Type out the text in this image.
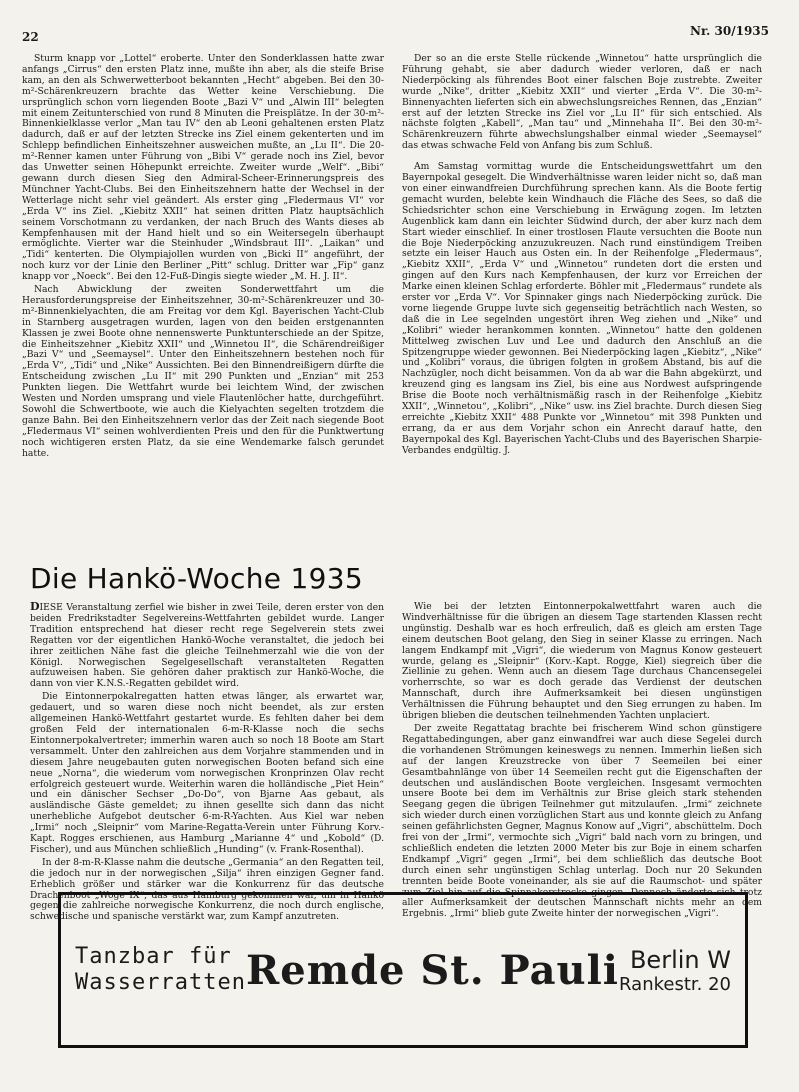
22	Nr. 30/1935

Sturm knapp vor „Lottel“ eroberte. Unter den Sonderklassen hatte zwar anfangs „Cirrus“ den ersten Platz inne, mußte ihn aber, als die steife Brise kam, an den als Schwerwetterboot bekannten „Hecht“ abgeben. Bei den 30-m²-Schärenkreuzern brachte das Wetter keine Verschiebung. Die ursprünglich schon vorn liegenden Boote „Bazi V“ und „Alwin III“ belegten mit einem Zeitunterschied von rund 8 Minuten die Preisplätze. In der 30-m²-Binnenkielklasse verlor „Man tau IV“ den ab Leoni gehaltenen ersten Platz dadurch, daß er auf der letzten Strecke ins Ziel einem gekenterten und im Schlepp befindlichen Einheitszehner ausweichen mußte, an „Lu II“. Die 20-m²-Renner kamen unter Führung von „Bibi V“ gerade noch ins Ziel, bevor das Unwetter seinen Höhepunkt erreichte. Zweiter wurde „Welf“. „Bibi“ gewann durch diesen Sieg den Admiral-Scheer-Erinnerungspreis des Münchner Yacht-Clubs. Bei den Einheitszehnern hatte der Wechsel in der Wetterlage nicht sehr viel geändert. Als erster ging „Fledermaus VI“ vor „Erda V“ ins Ziel. „Kiebitz XXII“ hat seinen dritten Platz hauptsächlich seinem Vorschotmann zu verdanken, der nach Bruch des Wants dieses ab Kempfenhausen mit der Hand hielt und so ein Weitersegeln überhaupt ermöglichte. Vierter war die Steinhuder „Windsbraut III“. „Laikan“ und „Tidi“ kenterten. Die Olympiajollen wurden von „Bicki II“ angeführt, der noch kurz vor der Linie den Berliner „Pitt“ schlug. Dritter war „Fip“ ganz knapp vor „Noeck“. Bei den 12-Fuß-Dingis siegte wieder „M. H. J. II“.

Nach Abwicklung der zweiten Sonderwettfahrt um die Herausforderungspreise der Einheitszehner, 30-m²-Schärenkreuzer und 30-m²-Binnenkielyachten, die am Freitag vor dem Kgl. Bayerischen Yacht-Club in Starnberg ausgetragen wurden, lagen von den beiden erstgenannten Klassen je zwei Boote ohne nennenswerte Punktunterschiede an der Spitze, die Einheitszehner „Kiebitz XXII“ und „Winnetou II“, die Schärendreißiger „Bazi V“ und „Seemaysel“. Unter den Einheitszehnern bestehen noch für „Erda V“, „Tidi“ und „Nike“ Aussichten. Bei den Binnendreißigern dürfte die Entscheidung zwischen „Lu II“ mit 290 Punkten und „Enzian“ mit 253 Punkten liegen. Die Wettfahrt wurde bei leichtem Wind, der zwischen Westen und Norden umsprang und viele Flautenlöcher hatte, durchgeführt. Sowohl die Schwertboote, wie auch die Kielyachten segelten trotzdem die ganze Bahn. Bei den Einheitszehnern verlor das der Zeit nach siegende Boot „Fledermaus VI“ seinen wohlverdienten Preis und den für die Punktwertung noch wichtigeren ersten Platz, da sie eine Wendemarke falsch gerundet hatte.

Der so an die erste Stelle rückende „Winnetou“ hatte ursprünglich die Führung gehabt, sie aber dadurch wieder verloren, daß er nach Niederpöcking als führendes Boot einer falschen Boje zustrebte. Zweiter wurde „Nike“, dritter „Kiebitz XXII“ und vierter „Erda V“. Die 30-m²-Binnenyachten lieferten sich ein abwechslungsreiches Rennen, das „Enzian“ erst auf der letzten Strecke ins Ziel vor „Lu II“ für sich entschied. Als nächste folgten „Kabell“, „Man tau“ und „Minnehaha II“. Bei den 30-m²-Schärenkreuzern führte abwechslungshalber einmal wieder „Seemaysel“ das etwas schwache Feld von Anfang bis zum Schluß.

Am Samstag vormittag wurde die Entscheidungswettfahrt um den Bayernpokal gesegelt. Die Windverhältnisse waren leider nicht so, daß man von einer einwandfreien Durchführung sprechen kann. Als die Boote fertig gemacht wurden, belebte kein Windhauch die Fläche des Sees, so daß die Schiedsrichter schon eine Verschiebung in Erwägung zogen. Im letzten Augenblick kam dann ein leichter Südwind durch, der aber kurz nach dem Start wieder einschlief. In einer trostlosen Flaute versuchten die Boote nun die Boje Niederpöcking anzuzukreuzen. Nach rund einstündigem Treiben setzte ein leiser Hauch aus Osten ein. In der Reihenfolge „Fledermaus“, „Kiebitz XXII“, „Erda V“ und „Winnetou“ rundeten dort die ersten und gingen auf den Kurs nach Kempfenhausen, der kurz vor Erreichen der Marke einen kleinen Schlag erforderte. Böhler mit „Fledermaus“ rundete als erster vor „Erda V“. Vor Spinnaker gings nach Niederpöcking zurück. Die vorne liegende Gruppe luvte sich gegenseitig beträchtlich nach Westen, so daß die in Lee segelnden ungestört ihren Weg ziehen und „Nike“ und „Kolibri“ wieder herankommen konnten. „Winnetou“ hatte den goldenen Mittelweg zwischen Luv und Lee und dadurch den Anschluß an die Spitzengruppe wieder gewonnen. Bei Niederpöcking lagen „Kiebitz“, „Nike“ und „Kolibri“ voraus, die übrigen folgten in großem Abstand, bis auf die Nachzügler, noch dicht beisammen. Von da ab war die Bahn abgekürzt, und kreuzend ging es langsam ins Ziel, bis eine aus Nordwest aufspringende Brise die Boote noch verhältnismäßig rasch in der Reihenfolge „Kiebitz XXII“, „Winnetou“, „Kolibri“, „Nike“ usw. ins Ziel brachte. Durch diesen Sieg erreichte „Kiebitz XXII“ 488 Punkte vor „Winnetou“ mit 398 Punkten und errang, da er aus dem Vorjahr schon ein Anrecht darauf hatte, den Bayernpokal des Kgl. Bayerischen Yacht-Clubs und des Bayerischen Sharpie-Verbandes endgültig. J.

Die Hankö-Woche 1935

DIESE Veranstaltung zerfiel wie bisher in zwei Teile, deren erster von den beiden Fredrikstadter Segelvereins-Wettfahrten gebildet wurde. Langer Tradition entsprechend hat dieser recht rege Segelverein stets zwei Regatten vor der eigentlichen Hankö-Woche veranstaltet, die jedoch bei ihrer zeitlichen Nähe fast die gleiche Teilnehmerzahl wie die von der Königl. Norwegischen Segelgesellschaft veranstalteten Regatten aufzuweisen haben. Sie gehören daher praktisch zur Hankö-Woche, die dann von vier K.N.S.-Regatten gebildet wird.

Die Eintonnerpokalregatten hatten etwas länger, als erwartet war, gedauert, und so waren diese noch nicht beendet, als zur ersten allgemeinen Hankö-Wettfahrt gestartet wurde. Es fehlten daher bei dem großen Feld der internationalen 6-m-R-Klasse noch die sechs Eintonnerpokalvertreter; immerhin waren auch so noch 18 Boote am Start versammelt. Unter den zahlreichen aus dem Vorjahre stammenden und in diesem Jahre neugebauten guten norwegischen Booten befand sich eine neue „Norna“, die wiederum vom norwegischen Kronprinzen Olav recht erfolgreich gesteuert wurde. Weiterhin waren die holländische „Piet Hein“ und ein dänischer Sechser „Do-Do“, von Bjarne Aas gebaut, als ausländische Gäste gemeldet; zu ihnen gesellte sich dann das nicht unerhebliche Aufgebot deutscher 6-m-R-Yachten. Aus Kiel war neben „Irmi“ noch „Sleipnir“ vom Marine-Regatta-Verein unter Führung Korv.-Kapt. Rogges erschienen, aus Hamburg „Marianne 4“ und „Kobold“ (D. Fischer), und aus München schließlich „Hunding“ (v. Frank-Rosenthal).

In der 8-m-R-Klasse nahm die deutsche „Germania“ an den Regatten teil, die jedoch nur in der norwegischen „Silja“ ihren einzigen Gegner fand. Erheblich größer und stärker war die Konkurrenz für das deutsche Drachenboot „Woge IX“, das aus Hamburg gekommen war, um in Hankö gegen die zahlreiche norwegische Konkurrenz, die noch durch englische, schwedische und spanische verstärkt war, zum Kampf anzutreten.

Wie bei der letzten Eintonnerpokalwettfahrt waren auch die Windverhältnisse für die übrigen an diesem Tage startenden Klassen recht ungünstig. Deshalb war es hoch erfreulich, daß es gleich am ersten Tage einem deutschen Boot gelang, den Sieg in seiner Klasse zu erringen. Nach langem Endkampf mit „Vigri“, die wiederum von Magnus Konow gesteuert wurde, gelang es „Sleipnir“ (Korv.-Kapt. Rogge, Kiel) siegreich über die Ziellinie zu gehen. Wenn auch an diesem Tage durchaus Chancensegelei vorherrschte, so war es doch gerade das Verdienst der deutschen Mannschaft, durch ihre Aufmerksamkeit bei diesen ungünstigen Verhältnissen die Führung behauptet und den Sieg errungen zu haben. Im übrigen blieben die deutschen teilnehmenden Yachten unplaciert.

Der zweite Regattatag brachte bei frischerem Wind schon günstigere Regattabedingungen, aber ganz einwandfrei war auch diese Segelei durch die vorhandenen Strömungen keineswegs zu nennen. Immerhin ließen sich auf der langen Kreuzstrecke von über 7 Seemeilen bei einer Gesamtbahnlänge von über 14 Seemeilen recht gut die Eigenschaften der deutschen und ausländischen Boote vergleichen. Insgesamt vermochten unsere Boote bei dem im Verhältnis zur Brise gleich stark stehenden Seegang gegen die übrigen Teilnehmer gut mitzulaufen. „Irmi“ zeichnete sich wieder durch einen vorzüglichen Start aus und konnte gleich zu Anfang seinen gefährlichsten Gegner, Magnus Konow auf „Vigri“, abschüttelm. Doch frei von der „Irmi“, vermochte sich „Vigri“ bald nach vorn zu bringen, und schließlich endeten die letzten 2000 Meter bis zur Boje in einem scharfen Endkampf „Vigri“ gegen „Irmi“, bei dem schließlich das deutsche Boot durch einen sehr ungünstigen Schlag unterlag. Doch nur 20 Sekunden trennten beide Boote voneinander, als sie auf die Raumschot- und später zum Ziel hin auf die Spinnakerstrecke gingen. Dennoch änderte sich trotz aller Aufmerksamkeit der deutschen Mannschaft nichts mehr an dem Ergebnis. „Irmi“ blieb gute Zweite hinter der norwegischen „Vigri“.

Tanzbar für
Wasserratten Remde St. Pauli Berlin W
Rankestr. 20
